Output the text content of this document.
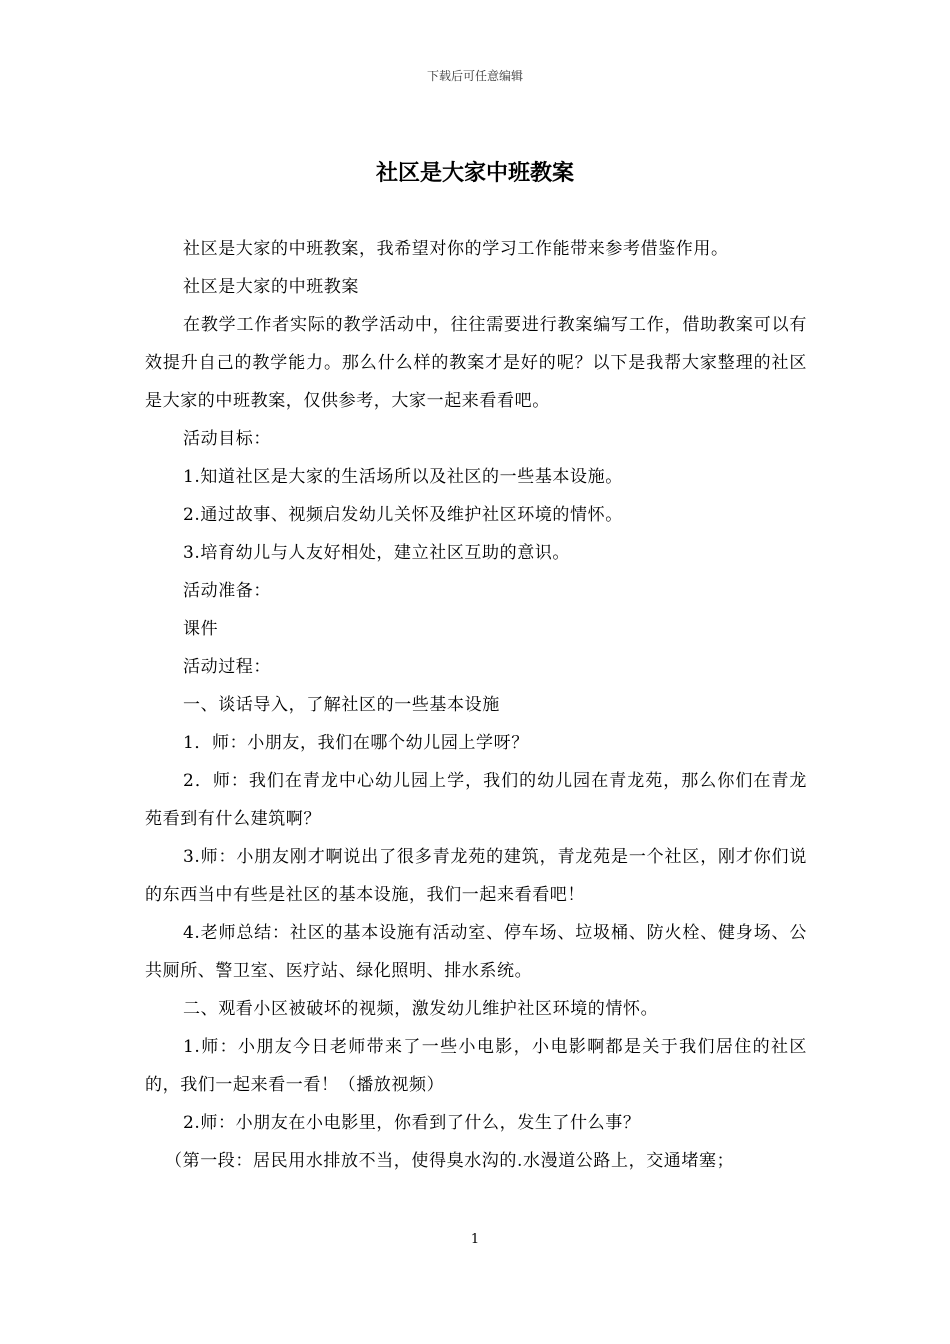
下载后可任意编辑
社区是大家中班教案

社区是大家的中班教案，我希望对你的学习工作能带来参考借鉴作用。

社区是大家的中班教案

在教学工作者实际的教学活动中，往往需要进行教案编写工作，借助教案可以有效提升自己的教学能力。那么什么样的教案才是好的呢？以下是我帮大家整理的社区是大家的中班教案，仅供参考，大家一起来看看吧。

活动目标：

1.知道社区是大家的生活场所以及社区的一些基本设施。

2.通过故事、视频启发幼儿关怀及维护社区环境的情怀。

3.培育幼儿与人友好相处，建立社区互助的意识。

活动准备：

课件

活动过程：

一、谈话导入，了解社区的一些基本设施

1．师：小朋友，我们在哪个幼儿园上学呀？

2．师：我们在青龙中心幼儿园上学，我们的幼儿园在青龙苑，那么你们在青龙苑看到有什么建筑啊？

3.师：小朋友刚才啊说出了很多青龙苑的建筑，青龙苑是一个社区，刚才你们说的东西当中有些是社区的基本设施，我们一起来看看吧！

4.老师总结：社区的基本设施有活动室、停车场、垃圾桶、防火栓、健身场、公共厕所、警卫室、医疗站、绿化照明、排水系统。

二、观看小区被破坏的视频，激发幼儿维护社区环境的情怀。

1.师：小朋友今日老师带来了一些小电影，小电影啊都是关于我们居住的社区的，我们一起来看一看！（播放视频）

2.师：小朋友在小电影里，你看到了什么，发生了什么事？

（第一段：居民用水排放不当，使得臭水沟的.水漫道公路上，交通堵塞；

1
